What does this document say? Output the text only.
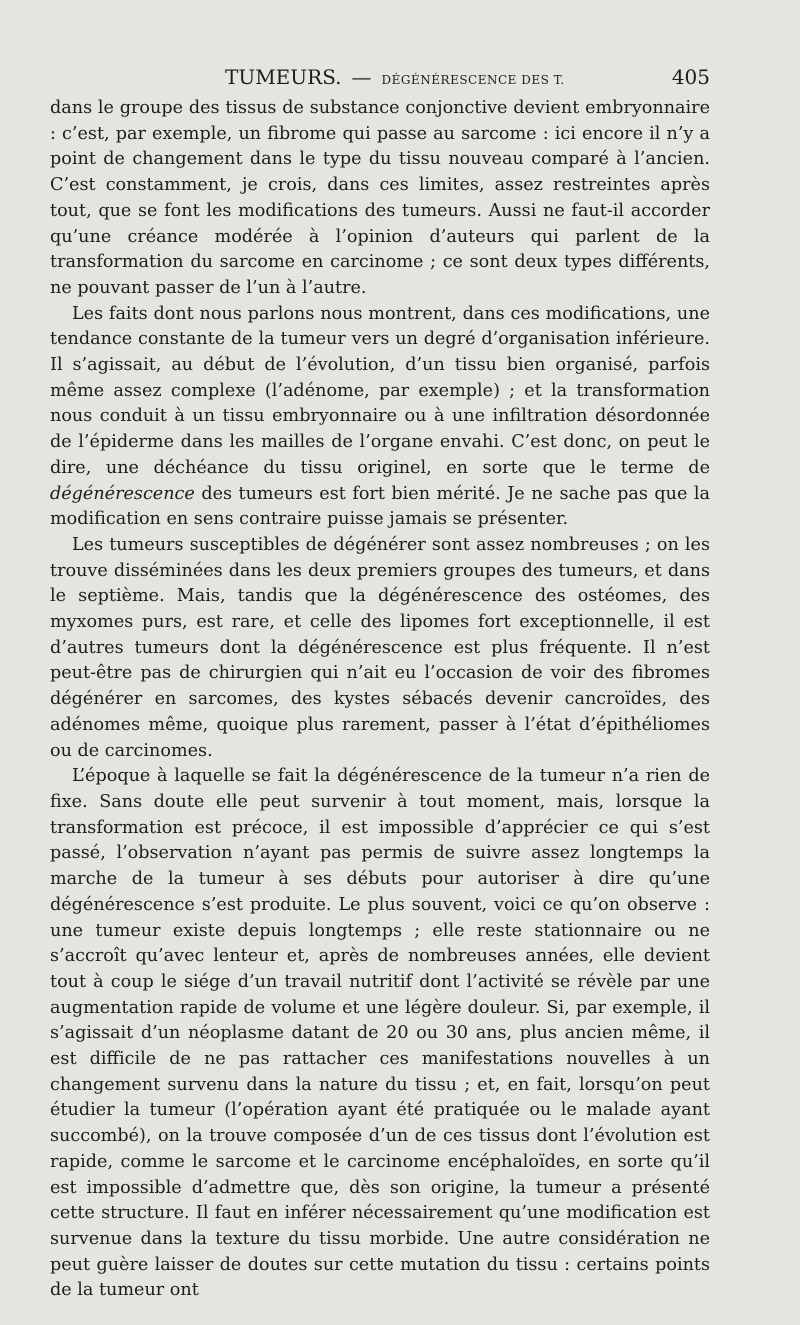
TUMEURS. — DÉGÉNÉRESCENCE DES T.	405

dans le groupe des tissus de substance conjonctive devient embryonnaire : c’est, par exemple, un fibrome qui passe au sarcome : ici encore il n’y a point de changement dans le type du tissu nouveau comparé à l’ancien. C’est constamment, je crois, dans ces limites, assez restreintes après tout, que se font les modifications des tumeurs. Aussi ne faut-il accorder qu’une créance modérée à l’opinion d’auteurs qui parlent de la transformation du sarcome en carcinome ; ce sont deux types différents, ne pouvant passer de l’un à l’autre.

Les faits dont nous parlons nous montrent, dans ces modifications, une tendance constante de la tumeur vers un degré d’organisation inférieure. Il s’agissait, au début de l’évolution, d’un tissu bien organisé, parfois même assez complexe (l’adénome, par exemple) ; et la transformation nous conduit à un tissu embryonnaire ou à une infiltration désordonnée de l’épiderme dans les mailles de l’organe envahi. C’est donc, on peut le dire, une déchéance du tissu originel, en sorte que le terme de dégénérescence des tumeurs est fort bien mérité. Je ne sache pas que la modification en sens contraire puisse jamais se présenter.

Les tumeurs susceptibles de dégénérer sont assez nombreuses ; on les trouve disséminées dans les deux premiers groupes des tumeurs, et dans le septième. Mais, tandis que la dégénérescence des ostéomes, des myxomes purs, est rare, et celle des lipomes fort exceptionnelle, il est d’autres tumeurs dont la dégénérescence est plus fréquente. Il n’est peut-être pas de chirurgien qui n’ait eu l’occasion de voir des fibromes dégénérer en sarcomes, des kystes sébacés devenir cancroïdes, des adénomes même, quoique plus rarement, passer à l’état d’épithéliomes ou de carcinomes.

L’époque à laquelle se fait la dégénérescence de la tumeur n’a rien de fixe. Sans doute elle peut survenir à tout moment, mais, lorsque la transformation est précoce, il est impossible d’apprécier ce qui s’est passé, l’observation n’ayant pas permis de suivre assez longtemps la marche de la tumeur à ses débuts pour autoriser à dire qu’une dégénérescence s’est produite. Le plus souvent, voici ce qu’on observe : une tumeur existe depuis longtemps ; elle reste stationnaire ou ne s’accroît qu’avec lenteur et, après de nombreuses années, elle devient tout à coup le siége d’un travail nutritif dont l’activité se révèle par une augmentation rapide de volume et une légère douleur. Si, par exemple, il s’agissait d’un néoplasme datant de 20 ou 30 ans, plus ancien même, il est difficile de ne pas rattacher ces manifestations nouvelles à un changement survenu dans la nature du tissu ; et, en fait, lorsqu’on peut étudier la tumeur (l’opération ayant été pratiquée ou le malade ayant succombé), on la trouve composée d’un de ces tissus dont l’évolution est rapide, comme le sarcome et le carcinome encéphaloïdes, en sorte qu’il est impossible d’admettre que, dès son origine, la tumeur a présenté cette structure. Il faut en inférer nécessairement qu’une modification est survenue dans la texture du tissu morbide. Une autre considération ne peut guère laisser de doutes sur cette mutation du tissu : certains points de la tumeur ont
